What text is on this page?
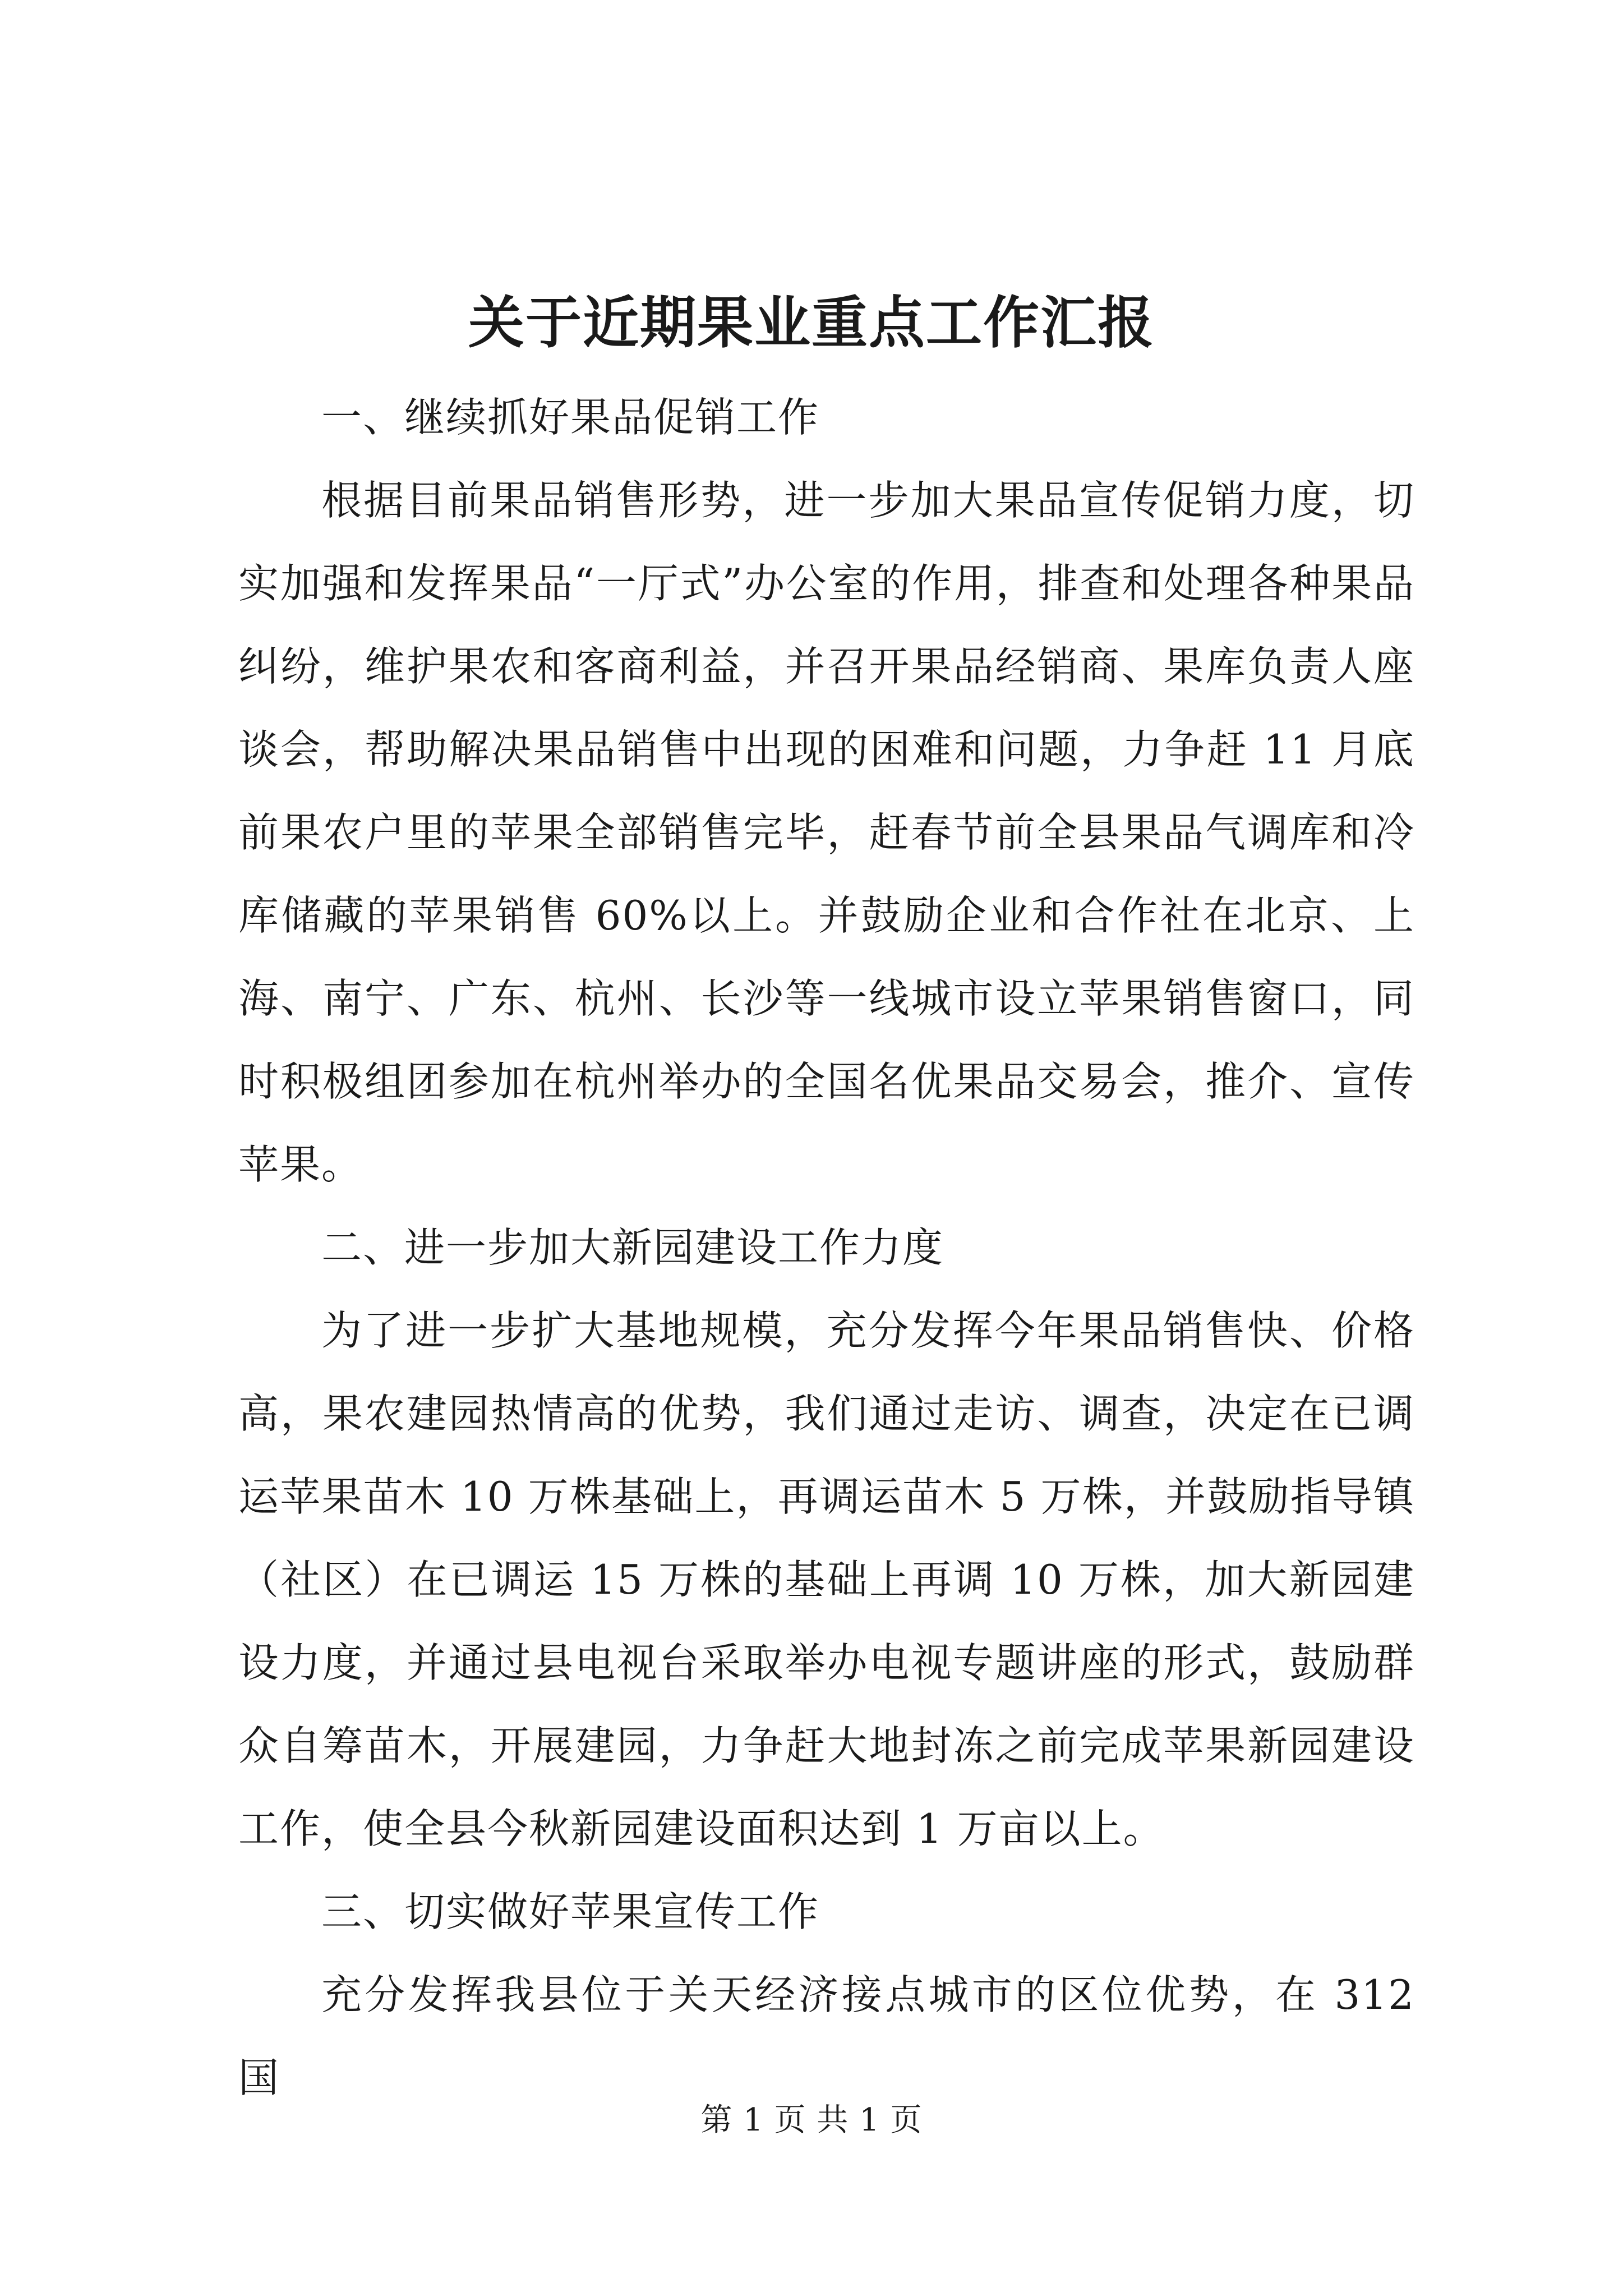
关于近期果业重点工作汇报

一、继续抓好果品促销工作

根据目前果品销售形势，进一步加大果品宣传促销力度，切实加强和发挥果品“一厅式”办公室的作用，排查和处理各种果品纠纷，维护果农和客商利益，并召开果品经销商、果库负责人座谈会，帮助解决果品销售中出现的困难和问题，力争赶 11 月底前果农户里的苹果全部销售完毕，赶春节前全县果品气调库和冷库储藏的苹果销售 60%以上。并鼓励企业和合作社在北京、上海、南宁、广东、杭州、长沙等一线城市设立苹果销售窗口，同时积极组团参加在杭州举办的全国名优果品交易会，推介、宣传苹果。

二、进一步加大新园建设工作力度

为了进一步扩大基地规模，充分发挥今年果品销售快、价格高，果农建园热情高的优势，我们通过走访、调查，决定在已调运苹果苗木 10 万株基础上，再调运苗木 5 万株，并鼓励指导镇（社区）在已调运 15 万株的基础上再调 10 万株，加大新园建设力度，并通过县电视台采取举办电视专题讲座的形式，鼓励群众自筹苗木，开展建园，力争赶大地封冻之前完成苹果新园建设工作，使全县今秋新园建设面积达到 1 万亩以上。

三、切实做好苹果宣传工作

充分发挥我县位于关天经济接点城市的区位优势，在 312 国

第 1 页 共 1 页
